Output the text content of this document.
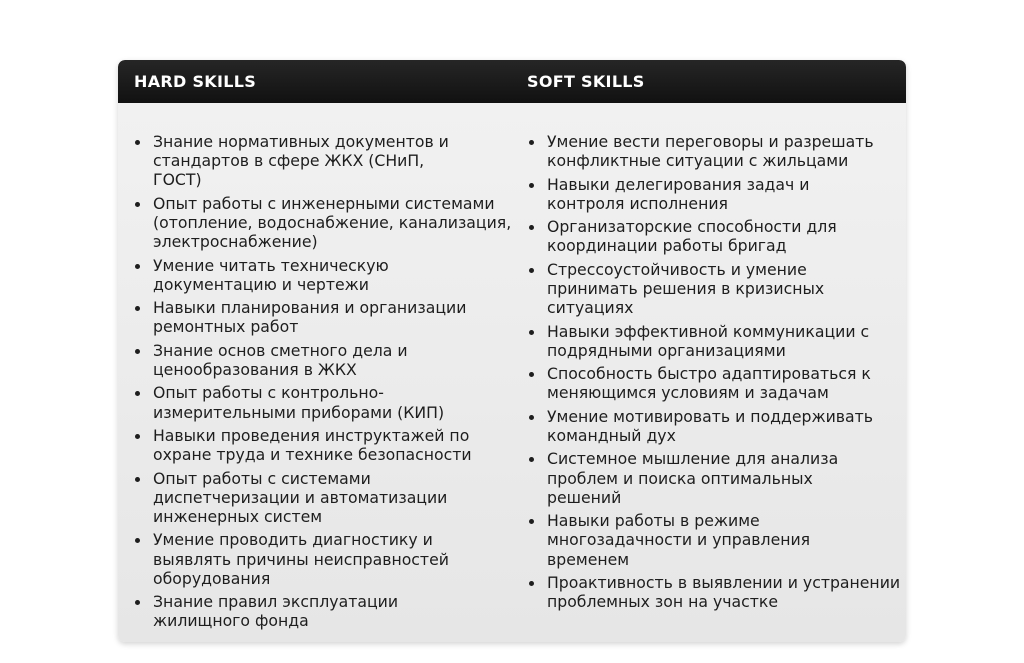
HARD SKILLS	SOFT SKILLS
Знание нормативных документов и стандартов в сфере ЖКХ (СНиП, ГОСТ)
Опыт работы с инженерными системами (отопление, водоснабжение, канализация, электроснабжение)
Умение читать техническую документацию и чертежи
Навыки планирования и организации ремонтных работ
Знание основ сметного дела и ценообразования в ЖКХ
Опыт работы с контрольно-измерительными приборами (КИП)
Навыки проведения инструктажей по охране труда и технике безопасности
Опыт работы с системами диспетчеризации и автоматизации инженерных систем
Умение проводить диагностику и выявлять причины неисправностей оборудования
Знание правил эксплуатации жилищного фонда
Умение вести переговоры и разрешать конфликтные ситуации с жильцами
Навыки делегирования задач и контроля исполнения
Организаторские способности для координации работы бригад
Стрессоустойчивость и умение принимать решения в кризисных ситуациях
Навыки эффективной коммуникации с подрядными организациями
Способность быстро адаптироваться к меняющимся условиям и задачам
Умение мотивировать и поддерживать командный дух
Системное мышление для анализа проблем и поиска оптимальных решений
Навыки работы в режиме многозадачности и управления временем
Проактивность в выявлении и устранении проблемных зон на участке
